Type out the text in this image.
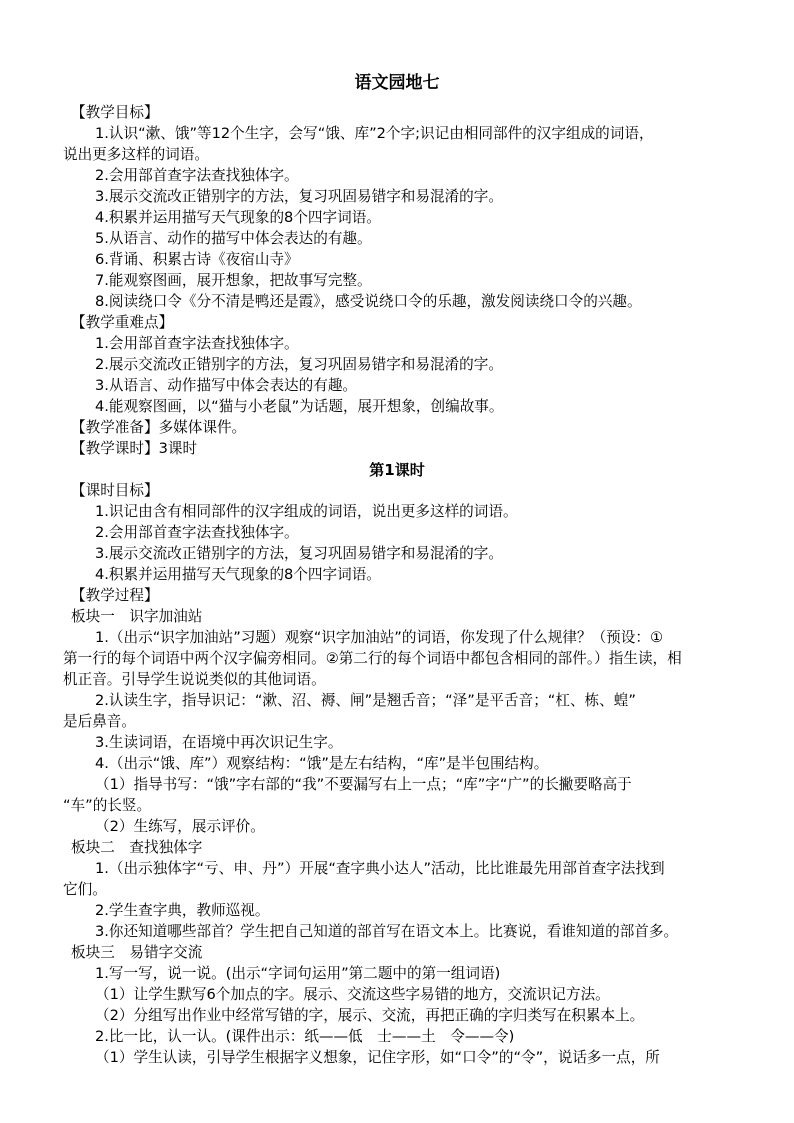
语文园地七
【教学目标】
1.认识“漱、饿”等12个生字，会写“饿、库”2个字;识记由相同部件的汉字组成的词语，
说出更多这样的词语。
2.会用部首查字法查找独体字。
3.展示交流改正错别字的方法，复习巩固易错字和易混淆的字。
4.积累并运用描写天气现象的8个四字词语。
5.从语言、动作的描写中体会表达的有趣。
6.背诵、积累古诗《夜宿山寺》
7.能观察图画，展开想象，把故事写完整。
8.阅读绕口令《分不清是鸭还是霞》，感受说绕口令的乐趣，激发阅读绕口令的兴趣。
【教学重难点】
1.会用部首查字法查找独体字。
2.展示交流改正错别字的方法，复习巩固易错字和易混淆的字。
3.从语言、动作描写中体会表达的有趣。
4.能观察图画，以“猫与小老鼠”为话题，展开想象，创编故事。
【教学准备】多媒体课件。
【教学课时】3课时
第1课时
【课时目标】
1.识记由含有相同部件的汉字组成的词语，说出更多这样的词语。
2.会用部首查字法查找独体字。
3.展示交流改正错别字的方法，复习巩固易错字和易混淆的字。
4.积累并运用描写天气现象的8个四字词语。
【教学过程】
板块一　识字加油站
1.（出示“识字加油站”习题）观察“识字加油站”的词语，你发现了什么规律？（预设：①
第一行的每个词语中两个汉字偏旁相同。②第二行的每个词语中都包含相同的部件。）指生读，相
机正音。引导学生说说类似的其他词语。
2.认读生字，指导识记：“漱、沼、褥、闸”是翘舌音；“泽”是平舌音；“杠、栋、蝗”
是后鼻音。
3.生读词语，在语境中再次识记生字。
4.（出示“饿、库”）观察结构：“饿”是左右结构，“库”是半包围结构。
（1）指导书写：“饿”字右部的“我”不要漏写右上一点；“库”字“广”的长撇要略高于
“车”的长竖。
（2）生练写，展示评价。
板块二　查找独体字
1.（出示独体字“亏、申、丹”）开展“查字典小达人”活动，比比谁最先用部首查字法找到
它们。
2.学生查字典，教师巡视。
3.你还知道哪些部首？学生把自己知道的部首写在语文本上。比赛说，看谁知道的部首多。
板块三　易错字交流
1.写一写，说一说。(出示“字词句运用”第二题中的第一组词语)
（1）让学生默写6个加点的字。展示、交流这些字易错的地方，交流识记方法。
（2）分组写出作业中经常写错的字，展示、交流，再把正确的字归类写在积累本上。
2.比一比，认一认。(课件出示：纸——低　士——土　令——令)
（1）学生认读，引导学生根据字义想象，记住字形，如“口令”的“令”，说话多一点，所
